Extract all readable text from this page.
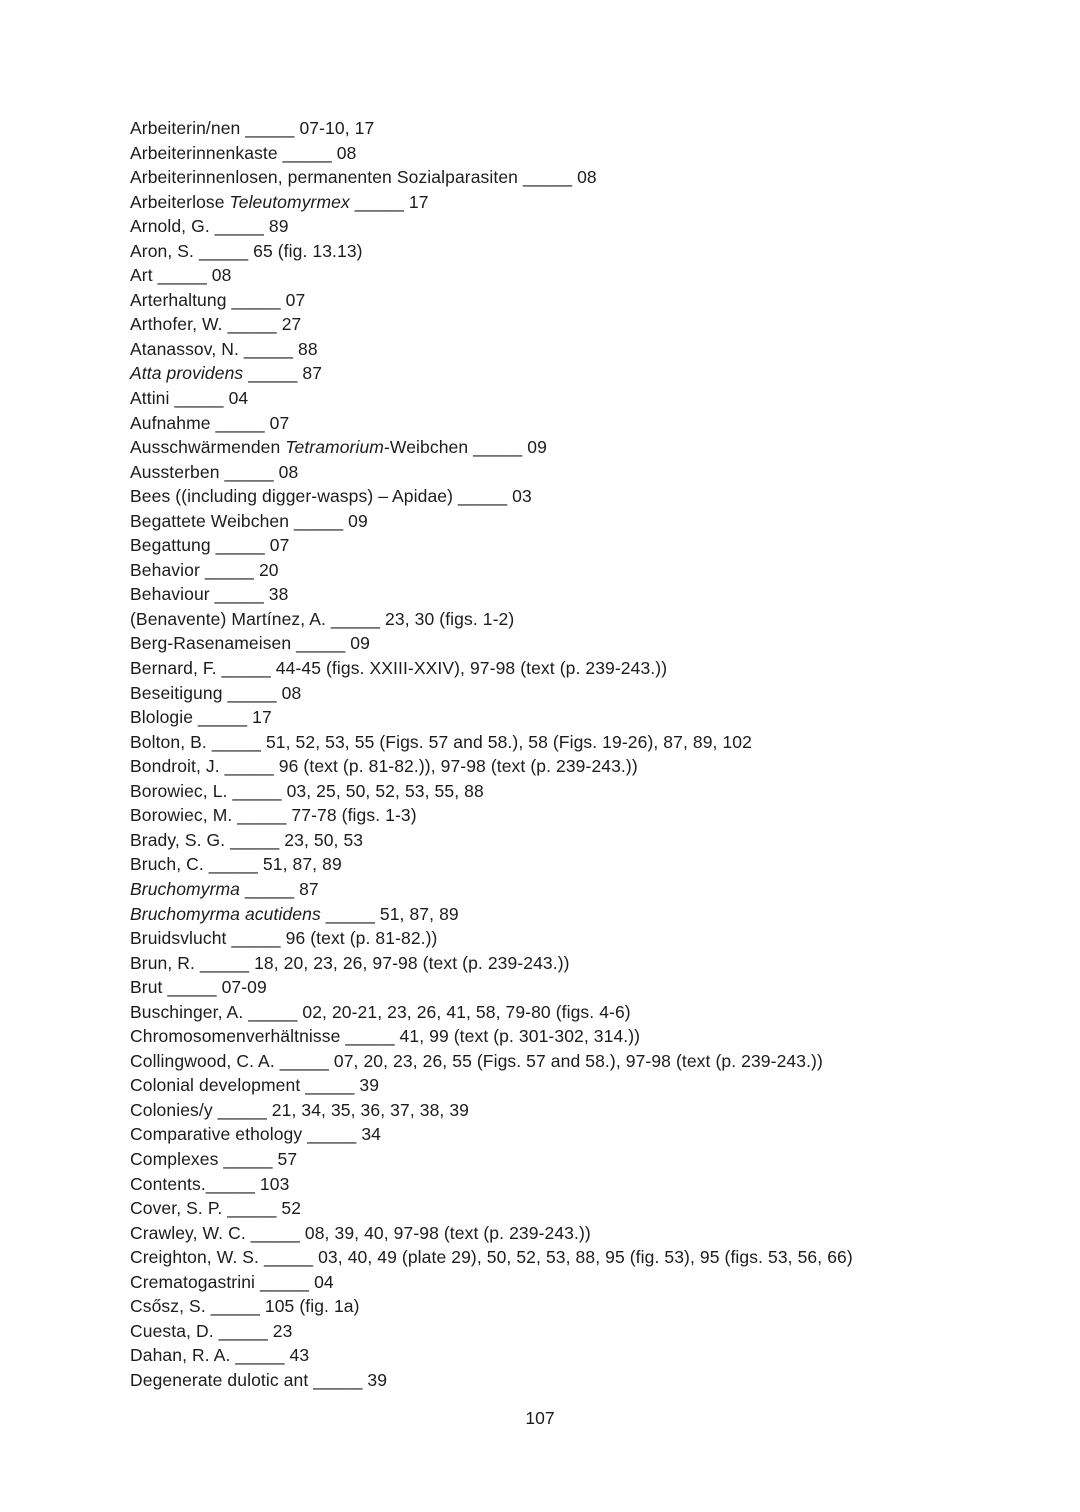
Arbeiterin/nen _____ 07-10, 17
Arbeiterinnenkaste _____ 08
Arbeiterinnenlosen, permanenten Sozialparasiten _____ 08
Arbeiterlose Teleutomyrmex _____ 17
Arnold, G. _____ 89
Aron, S. _____ 65 (fig. 13.13)
Art _____ 08
Arterhaltung _____ 07
Arthofer, W. _____ 27
Atanassov, N. _____ 88
Atta providens _____ 87
Attini _____ 04
Aufnahme _____ 07
Ausschwärmenden Tetramorium-Weibchen _____ 09
Aussterben _____ 08
Bees ((including digger-wasps) – Apidae) _____ 03
Begattete Weibchen _____ 09
Begattung _____ 07
Behavior _____ 20
Behaviour _____ 38
(Benavente) Martínez, A. _____ 23, 30 (figs. 1-2)
Berg-Rasenameisen _____ 09
Bernard, F. _____ 44-45 (figs. XXIII-XXIV), 97-98 (text (p. 239-243.))
Beseitigung _____ 08
Blologie _____ 17
Bolton, B. _____ 51, 52, 53, 55 (Figs. 57 and 58.), 58 (Figs. 19-26), 87, 89, 102
Bondroit, J. _____ 96 (text (p. 81-82.)), 97-98 (text (p. 239-243.))
Borowiec, L. _____ 03, 25, 50, 52, 53, 55, 88
Borowiec, M. _____ 77-78 (figs. 1-3)
Brady, S. G. _____ 23, 50, 53
Bruch, C. _____ 51, 87, 89
Bruchomyrma _____ 87
Bruchomyrma acutidens _____ 51, 87, 89
Bruidsvlucht _____ 96 (text (p. 81-82.))
Brun, R. _____ 18, 20, 23, 26, 97-98 (text (p. 239-243.))
Brut _____ 07-09
Buschinger, A. _____ 02, 20-21, 23, 26, 41, 58, 79-80 (figs. 4-6)
Chromosomenverhältnisse _____ 41, 99 (text (p. 301-302, 314.))
Collingwood, C. A. _____ 07, 20, 23, 26, 55 (Figs. 57 and 58.), 97-98 (text (p. 239-243.))
Colonial development _____ 39
Colonies/y _____ 21, 34, 35, 36, 37, 38, 39
Comparative ethology _____ 34
Complexes _____ 57
Contents._____ 103
Cover, S. P. _____ 52
Crawley, W. C. _____ 08, 39, 40, 97-98 (text (p. 239-243.))
Creighton, W. S. _____ 03, 40, 49 (plate 29), 50, 52, 53, 88, 95 (fig. 53), 95 (figs. 53, 56, 66)
Crematogastrini _____ 04
Csősz, S. _____ 105 (fig. 1a)
Cuesta, D. _____ 23
Dahan, R. A. _____ 43
Degenerate dulotic ant _____ 39
107
